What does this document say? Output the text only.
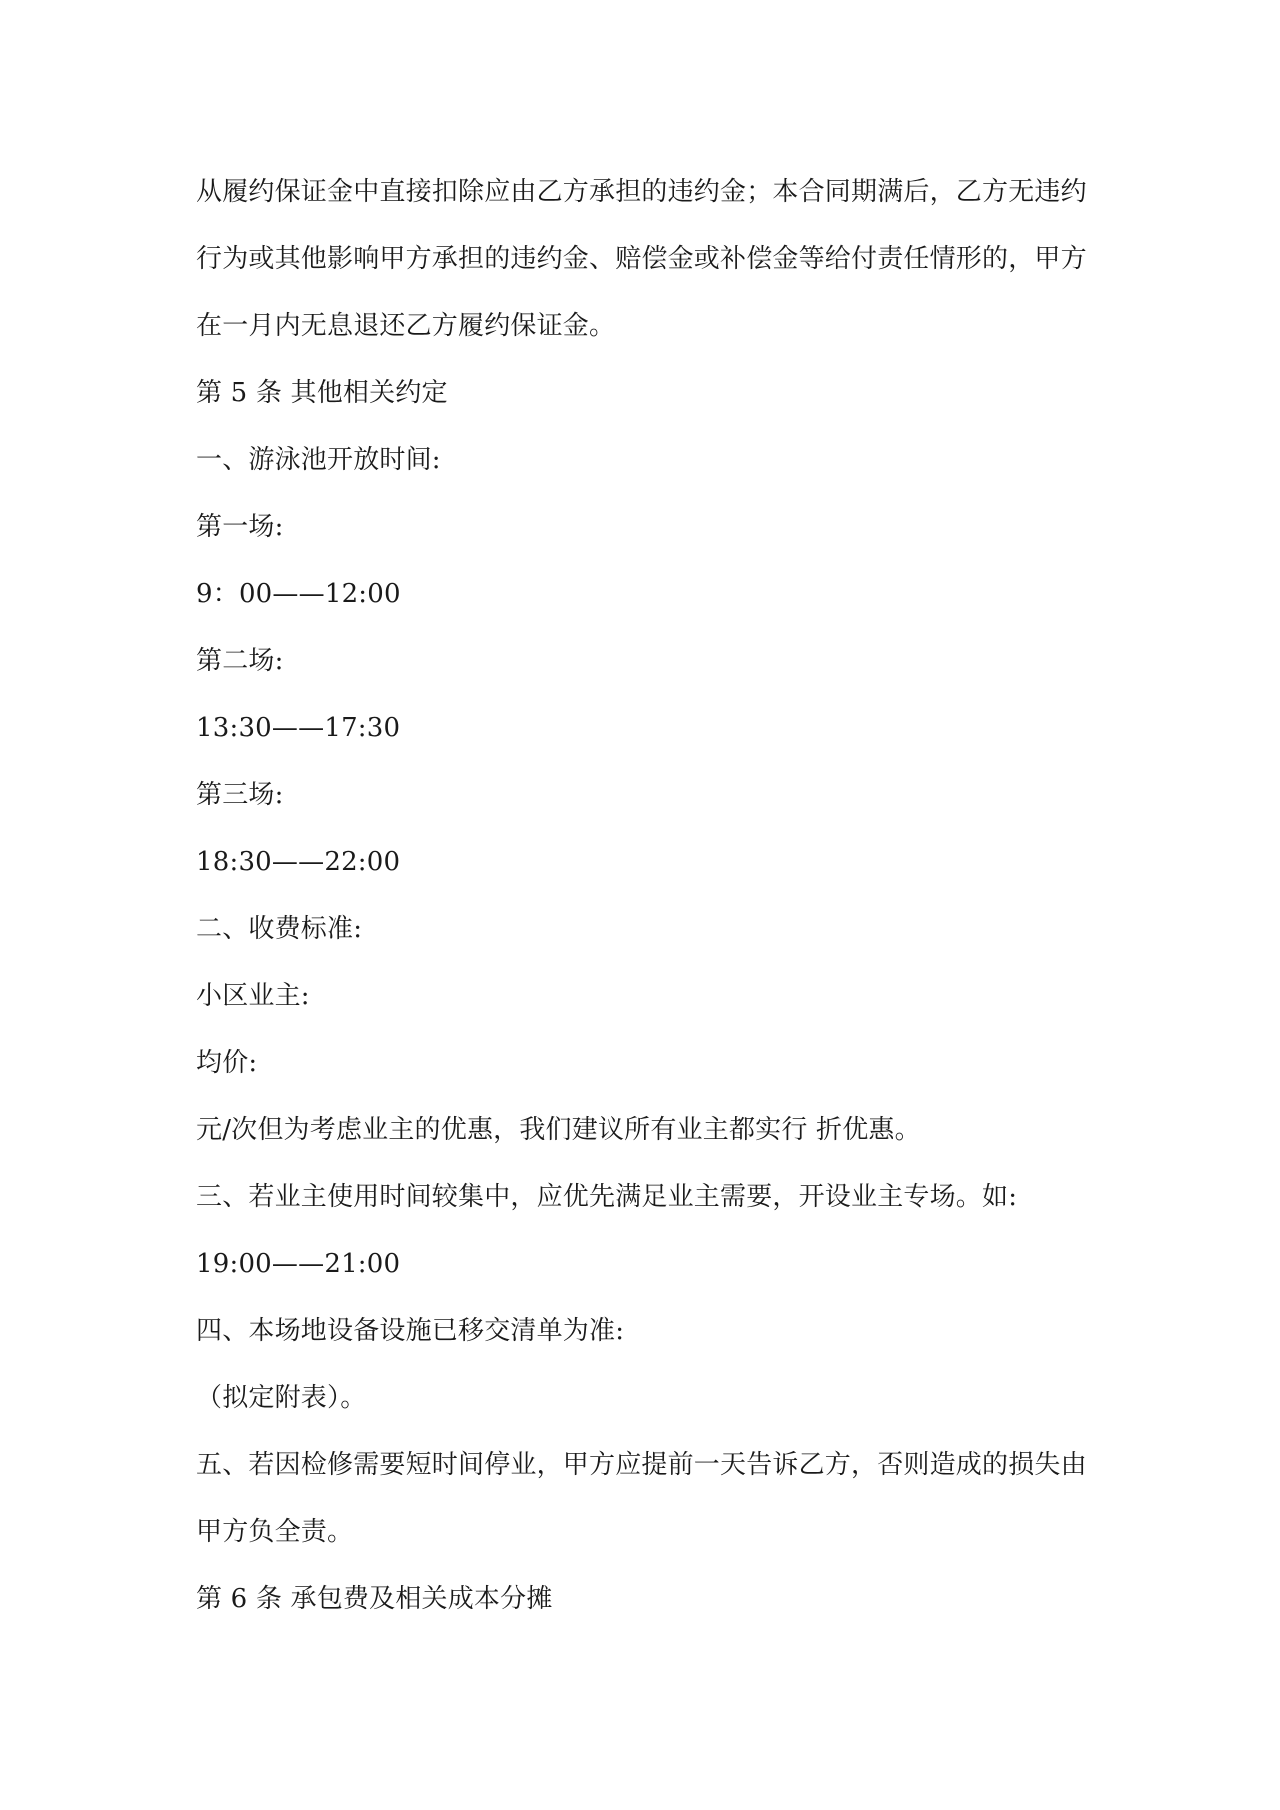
从履约保证金中直接扣除应由乙方承担的违约金；本合同期满后，乙方无违约
行为或其他影响甲方承担的违约金、赔偿金或补偿金等给付责任情形的，甲方
在一月内无息退还乙方履约保证金。
第 5 条 其他相关约定
一、游泳池开放时间:
第一场:
9：00——12:00
第二场:
13:30——17:30
第三场:
18:30——22:00
二、收费标准:
小区业主:
均价:
元/次但为考虑业主的优惠，我们建议所有业主都实行 折优惠。
三、若业主使用时间较集中，应优先满足业主需要，开设业主专场。如:
19:00——21:00
四、本场地设备设施已移交清单为准:
（拟定附表）。
五、若因检修需要短时间停业，甲方应提前一天告诉乙方，否则造成的损失由
甲方负全责。
第 6 条 承包费及相关成本分摊
